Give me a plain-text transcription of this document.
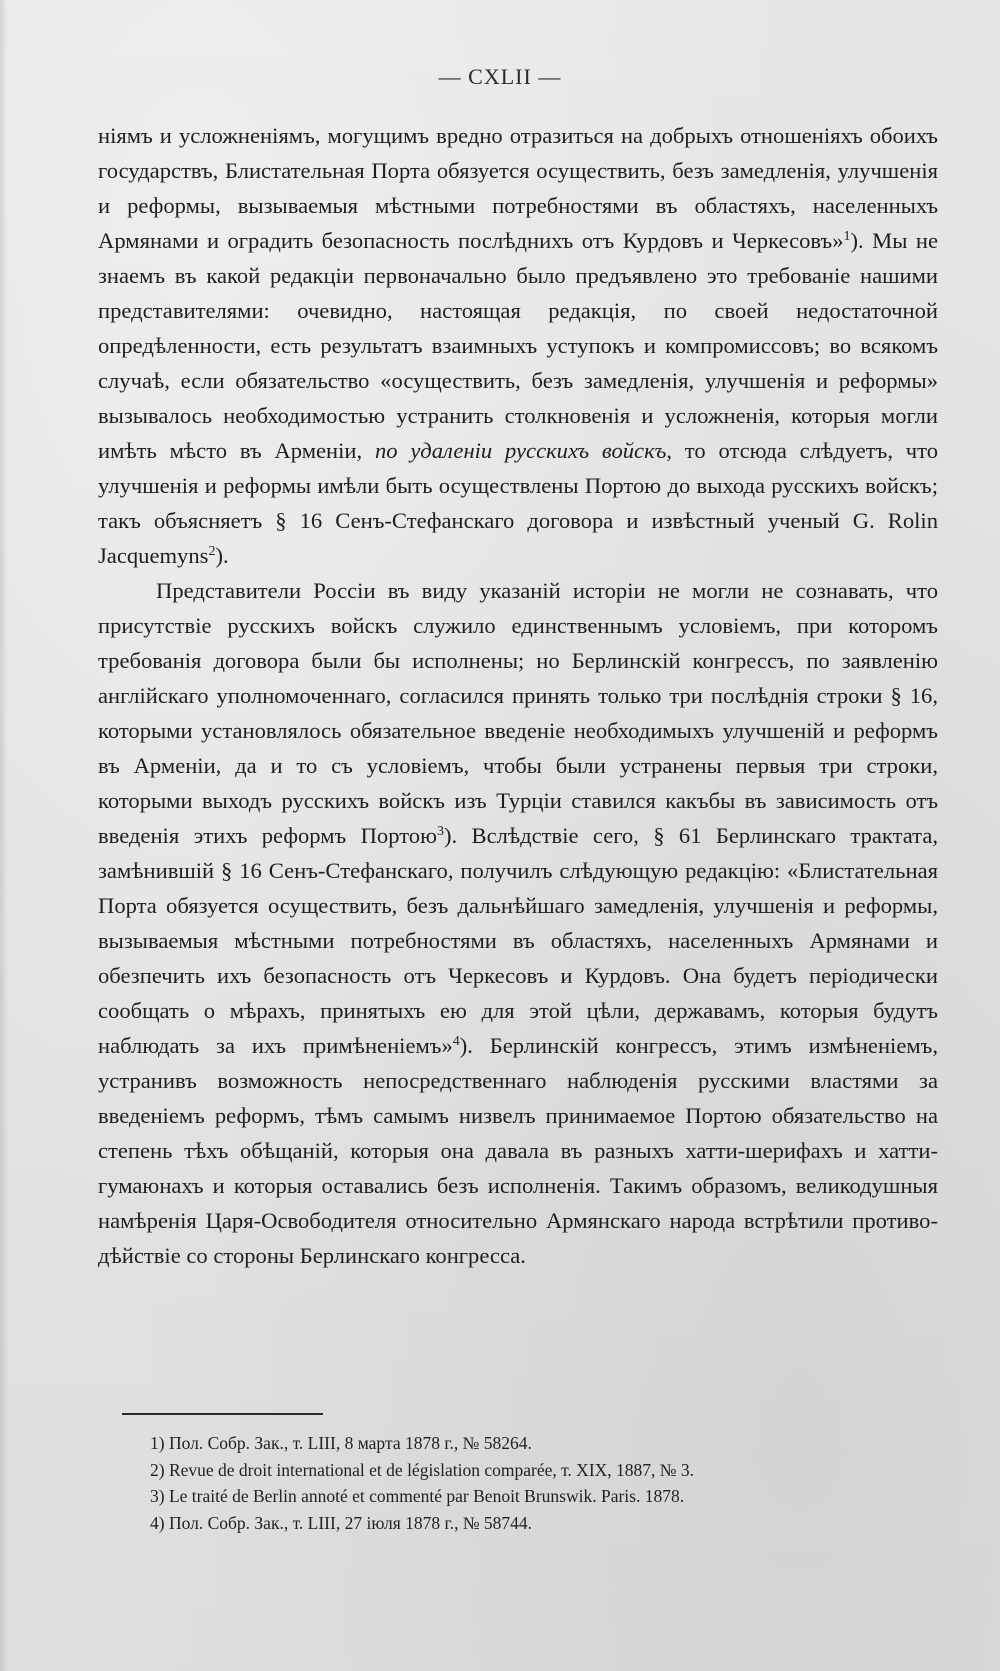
— CXLII —

ніямъ и усложненіямъ, могущимъ вредно отразиться на добрыхъ отношеніяхъ обоихъ государствъ, Блистательная Порта обязуется осуществить, безъ замедленія, улучшенія и реформы, вызываемыя мѣстными потребностями въ областяхъ, населенныхъ Армянами и оградить безопасность послѣднихъ отъ Курдовъ и Черкесовъ»$^1$). Мы не знаемъ въ какой редакціи первоначально было предъявлено это требованіе нашими представителями: очевидно, настоящая редакція, по своей недостаточной опредѣленности, есть результатъ взаимныхъ уступокъ и компромиссовъ; во всякомъ случаѣ, если обязательство «осуществить, безъ замедленія, улучшенія и реформы» вызывалось необходимостью устранить столкновенія и усложненія, которыя могли имѣть мѣсто въ Арменіи, по удаленіи русскихъ войскъ, то отсюда слѣдуетъ, что улучшенія и реформы имѣли быть осуществлены Портою до выхода русскихъ войскъ; такъ объясняетъ § 16 Сенъ-Стефанскаго договора и извѣстный ученый G. Rolin Jacquemyns$^2$).

Представители Россіи въ виду указаній исторіи не могли не сознавать, что присутствіе русскихъ войскъ служило единственнымъ условіемъ, при которомъ требованія договора были бы исполнены; но Берлинскій конгрессъ, по заявленію англійскаго уполномоченнаго, согласился принять только три послѣднія строки § 16, которыми установлялось обязательное введеніе необходимыхъ улучшеній и реформъ въ Арменіи, да и то съ условіемъ, чтобы были устранены первыя три строки, которыми выходъ русскихъ войскъ изъ Турціи ставился какъбы въ зависимость отъ введенія этихъ реформъ Портою$^3$). Вслѣдствіе сего, § 61 Берлинскаго трактата, замѣнившій § 16 Сенъ-Стефанскаго, получилъ слѣдующую редакцію: «Блистательная Порта обязуется осуществить, безъ дальнѣйшаго замедленія, улучшенія и реформы, вызываемыя мѣстными потребностями въ областяхъ, населенныхъ Армянами и обезпечить ихъ безопасность отъ Черкесовъ и Курдовъ. Она будетъ періодически сообщать о мѣрахъ, принятыхъ ею для этой цѣли, державамъ, которыя будутъ наблюдать за ихъ примѣненіемъ»$^4$). Берлинскій конгрессъ, этимъ измѣненіемъ, устранивъ возможность непосредственнаго наблюденія русскими властями за введеніемъ реформъ, тѣмъ самымъ низвелъ принимаемое Портою обязательство на степень тѣхъ обѣщаній, которыя она давала въ разныхъ хатти-шерифахъ и хатти-гумаюнахъ и которыя оставались безъ исполненія. Такимъ образомъ, великодушныя намѣренія Царя-Освободителя относительно Армянскаго народа встрѣтили противодѣйствіе со стороны Берлинскаго конгресса.

1) Пол. Собр. Зак., т. LIII, 8 марта 1878 г., № 58264.
2) Revue de droit international et de législation comparée, т. XIX, 1887, № 3.
3) Le traité de Berlin annoté et commenté par Benoit Brunswik. Paris. 1878.
4) Пол. Собр. Зак., т. LIII, 27 іюля 1878 г., № 58744.
